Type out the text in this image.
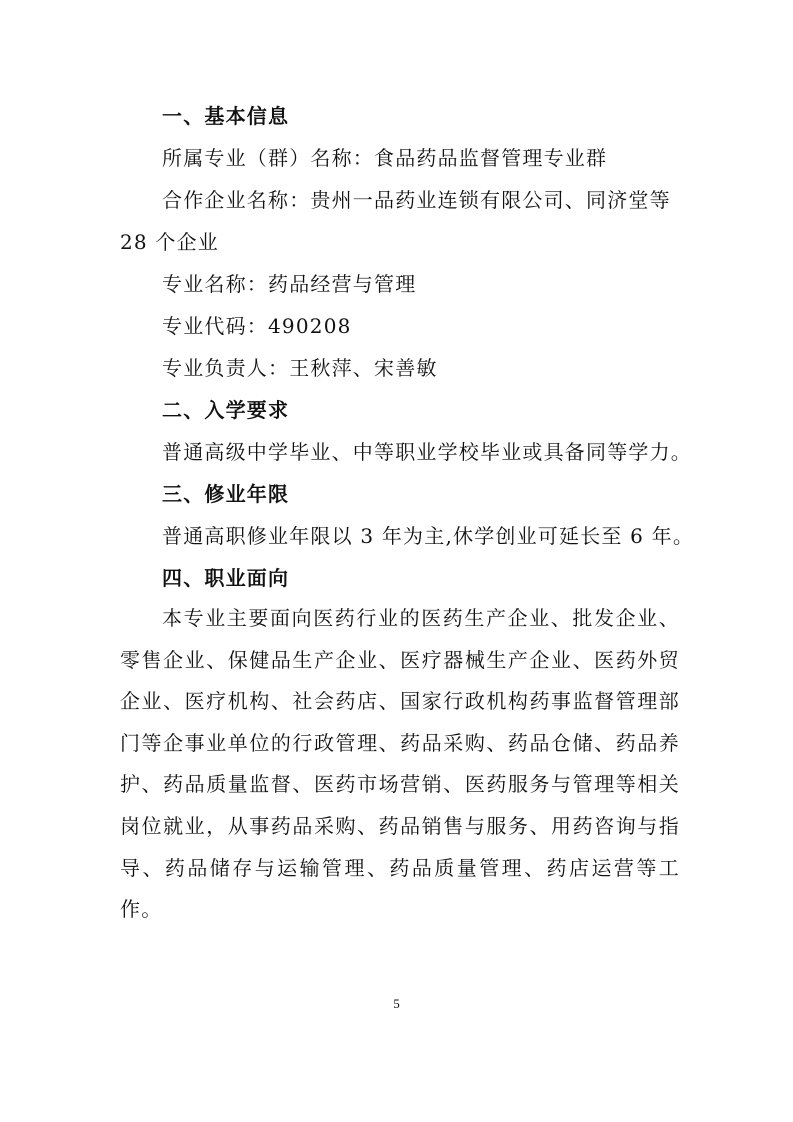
一、基本信息
所属专业（群）名称：食品药品监督管理专业群
合作企业名称：贵州一品药业连锁有限公司、同济堂等
28 个企业
专业名称：药品经营与管理
专业代码：490208
专业负责人：王秋萍、宋善敏
二、入学要求
普通高级中学毕业、中等职业学校毕业或具备同等学力。
三、修业年限
普通高职修业年限以 3 年为主,休学创业可延长至 6 年。
四、职业面向
本专业主要面向医药行业的医药生产企业、批发企业、零售企业、保健品生产企业、医疗器械生产企业、医药外贸企业、医疗机构、社会药店、国家行政机构药事监督管理部门等企事业单位的行政管理、药品采购、药品仓储、药品养护、药品质量监督、医药市场营销、医药服务与管理等相关岗位就业，从事药品采购、药品销售与服务、用药咨询与指导、药品储存与运输管理、药品质量管理、药店运营等工作。
5
